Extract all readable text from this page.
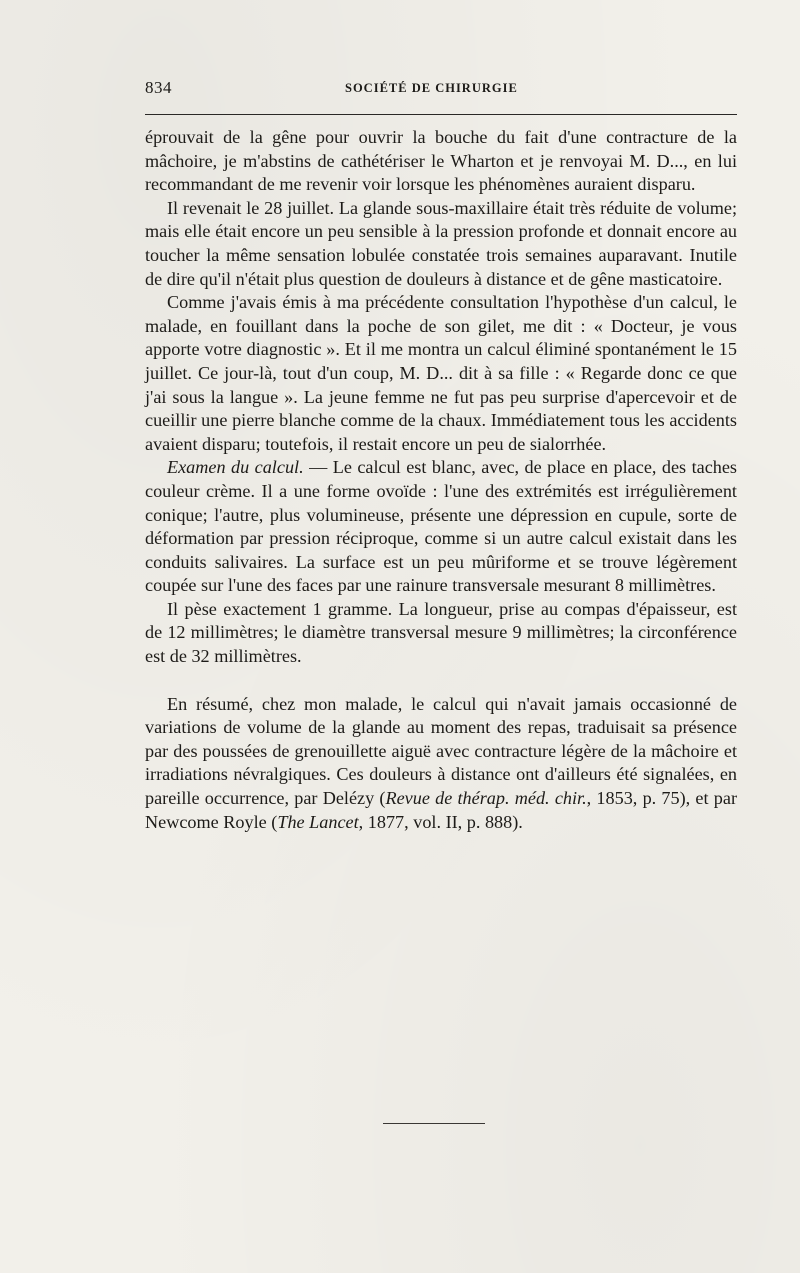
834	SOCIÉTÉ DE CHIRURGIE

éprouvait de la gêne pour ouvrir la bouche du fait d'une contracture de la mâchoire, je m'abstins de cathétériser le Wharton et je renvoyai M. D..., en lui recommandant de me revenir voir lorsque les phénomènes auraient disparu.

Il revenait le 28 juillet. La glande sous-maxillaire était très réduite de volume; mais elle était encore un peu sensible à la pression profonde et donnait encore au toucher la même sensation lobulée constatée trois semaines auparavant. Inutile de dire qu'il n'était plus question de douleurs à distance et de gêne masticatoire.

Comme j'avais émis à ma précédente consultation l'hypothèse d'un calcul, le malade, en fouillant dans la poche de son gilet, me dit : « Docteur, je vous apporte votre diagnostic ». Et il me montra un calcul éliminé spontanément le 15 juillet. Ce jour-là, tout d'un coup, M. D... dit à sa fille : « Regarde donc ce que j'ai sous la langue ». La jeune femme ne fut pas peu surprise d'apercevoir et de cueillir une pierre blanche comme de la chaux. Immédiatement tous les accidents avaient disparu; toutefois, il restait encore un peu de sialorrhée.

Examen du calcul. — Le calcul est blanc, avec, de place en place, des taches couleur crème. Il a une forme ovoïde : l'une des extrémités est irrégulièrement conique; l'autre, plus volumineuse, présente une dépression en cupule, sorte de déformation par pression réciproque, comme si un autre calcul existait dans les conduits salivaires. La surface est un peu mûriforme et se trouve légèrement coupée sur l'une des faces par une rainure transversale mesurant 8 millimètres.

Il pèse exactement 1 gramme. La longueur, prise au compas d'épaisseur, est de 12 millimètres; le diamètre transversal mesure 9 millimètres; la circonférence est de 32 millimètres.

En résumé, chez mon malade, le calcul qui n'avait jamais occasionné de variations de volume de la glande au moment des repas, traduisait sa présence par des poussées de grenouillette aiguë avec contracture légère de la mâchoire et irradiations névralgiques. Ces douleurs à distance ont d'ailleurs été signalées, en pareille occurrence, par Delézy (Revue de thérap. méd. chir., 1853, p. 75), et par Newcome Royle (The Lancet, 1877, vol. II, p. 888).
